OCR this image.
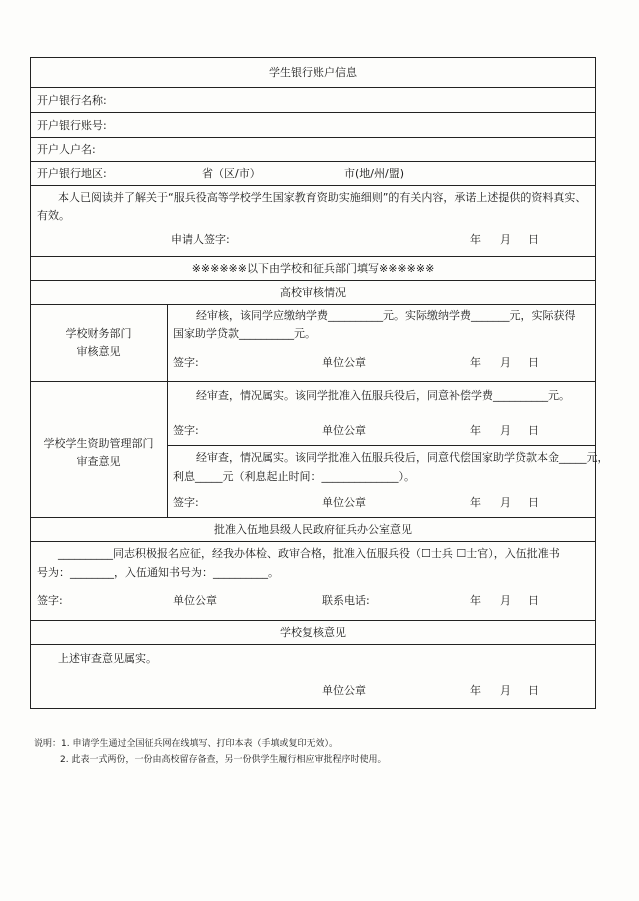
学生银行账户信息
开户银行名称:
开户银行账号:
开户人户名:
开户银行地区:	省（区/市）	市(地/州/盟)
本人已阅读并了解关于“服兵役高等学校学生国家教育资助实施细则”的有关内容，承诺上述提供的资料真实、
有效。
申请人签字:	年 月 日
※※※※※※以下由学校和征兵部门填写※※※※※※
高校审核情况
学校财务部门
审核意见
经审核，该同学应缴纳学费__________元。实际缴纳学费_______元，实际获得
国家助学贷款__________元。
签字:	单位公章	年 月 日
学校学生资助管理部门
审查意见
经审查，情况属实。该同学批准入伍服兵役后，同意补偿学费__________元。
签字:	单位公章	年 月 日
经审查，情况属实。该同学批准入伍服兵役后，同意代偿国家助学贷款本金_____元，
利息_____元（利息起止时间：______________）。
签字:	单位公章	年 月 日
批准入伍地县级人民政府征兵办公室意见
__________同志积极报名应征，经我办体检、政审合格，批准入伍服兵役（☐士兵 ☐士官），入伍批准书
号为：________，入伍通知书号为：__________。
签字:	单位公章	联系电话:	年 月 日
学校复核意见
上述审查意见属实。
单位公章	年 月 日
说明：1. 申请学生通过全国征兵网在线填写、打印本表（手填或复印无效）。
2. 此表一式两份，一份由高校留存备查，另一份供学生履行相应审批程序时使用。
